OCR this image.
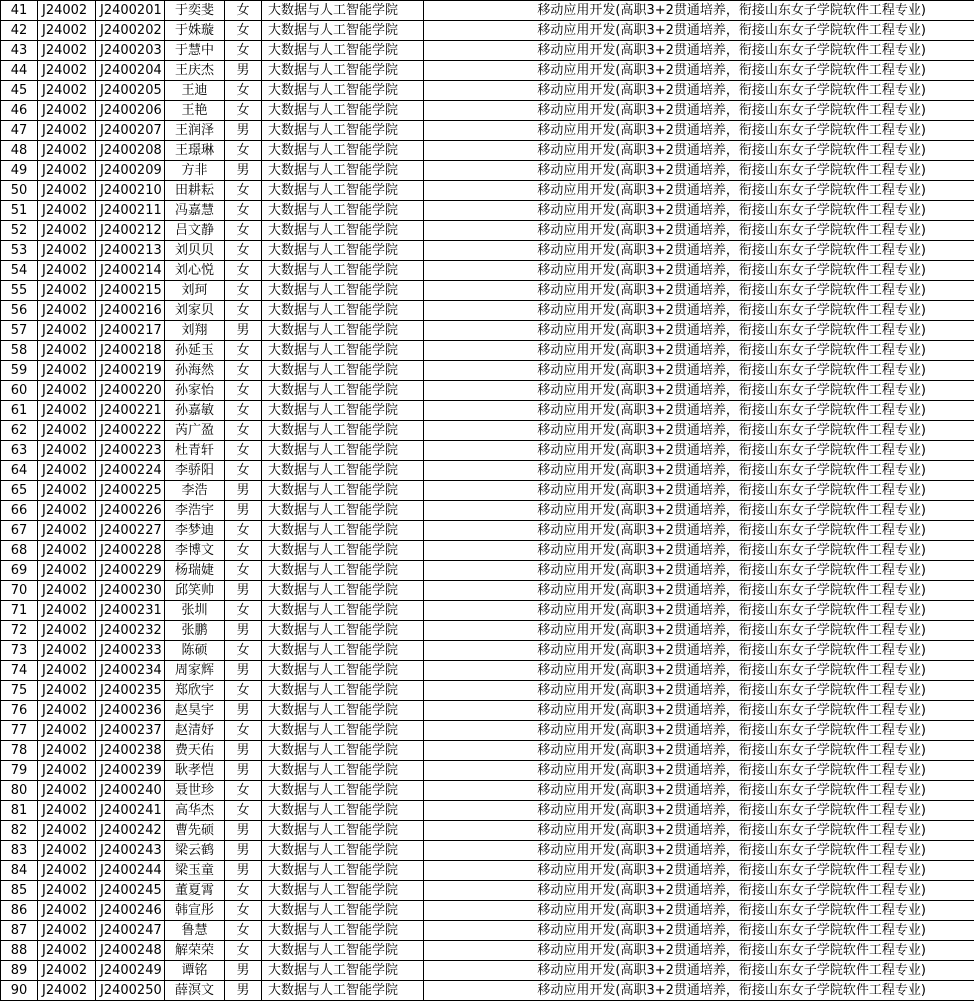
41	J24002	J2400201	于奕斐	女	大数据与人工智能学院	移动应用开发(高职3+2贯通培养，衔接山东女子学院软件工程专业)
42	J24002	J2400202	于姝璇	女	大数据与人工智能学院	移动应用开发(高职3+2贯通培养，衔接山东女子学院软件工程专业)
43	J24002	J2400203	于慧中	女	大数据与人工智能学院	移动应用开发(高职3+2贯通培养，衔接山东女子学院软件工程专业)
44	J24002	J2400204	王庆杰	男	大数据与人工智能学院	移动应用开发(高职3+2贯通培养，衔接山东女子学院软件工程专业)
45	J24002	J2400205	王迪	女	大数据与人工智能学院	移动应用开发(高职3+2贯通培养，衔接山东女子学院软件工程专业)
46	J24002	J2400206	王艳	女	大数据与人工智能学院	移动应用开发(高职3+2贯通培养，衔接山东女子学院软件工程专业)
47	J24002	J2400207	王润泽	男	大数据与人工智能学院	移动应用开发(高职3+2贯通培养，衔接山东女子学院软件工程专业)
48	J24002	J2400208	王璟琳	女	大数据与人工智能学院	移动应用开发(高职3+2贯通培养，衔接山东女子学院软件工程专业)
49	J24002	J2400209	方非	男	大数据与人工智能学院	移动应用开发(高职3+2贯通培养，衔接山东女子学院软件工程专业)
50	J24002	J2400210	田耕耘	女	大数据与人工智能学院	移动应用开发(高职3+2贯通培养，衔接山东女子学院软件工程专业)
51	J24002	J2400211	冯嘉慧	女	大数据与人工智能学院	移动应用开发(高职3+2贯通培养，衔接山东女子学院软件工程专业)
52	J24002	J2400212	吕文静	女	大数据与人工智能学院	移动应用开发(高职3+2贯通培养，衔接山东女子学院软件工程专业)
53	J24002	J2400213	刘贝贝	女	大数据与人工智能学院	移动应用开发(高职3+2贯通培养，衔接山东女子学院软件工程专业)
54	J24002	J2400214	刘心悦	女	大数据与人工智能学院	移动应用开发(高职3+2贯通培养，衔接山东女子学院软件工程专业)
55	J24002	J2400215	刘珂	女	大数据与人工智能学院	移动应用开发(高职3+2贯通培养，衔接山东女子学院软件工程专业)
56	J24002	J2400216	刘家贝	女	大数据与人工智能学院	移动应用开发(高职3+2贯通培养，衔接山东女子学院软件工程专业)
57	J24002	J2400217	刘翔	男	大数据与人工智能学院	移动应用开发(高职3+2贯通培养，衔接山东女子学院软件工程专业)
58	J24002	J2400218	孙延玉	女	大数据与人工智能学院	移动应用开发(高职3+2贯通培养，衔接山东女子学院软件工程专业)
59	J24002	J2400219	孙海然	女	大数据与人工智能学院	移动应用开发(高职3+2贯通培养，衔接山东女子学院软件工程专业)
60	J24002	J2400220	孙家怡	女	大数据与人工智能学院	移动应用开发(高职3+2贯通培养，衔接山东女子学院软件工程专业)
61	J24002	J2400221	孙嘉敏	女	大数据与人工智能学院	移动应用开发(高职3+2贯通培养，衔接山东女子学院软件工程专业)
62	J24002	J2400222	芮广盈	女	大数据与人工智能学院	移动应用开发(高职3+2贯通培养，衔接山东女子学院软件工程专业)
63	J24002	J2400223	杜青轩	女	大数据与人工智能学院	移动应用开发(高职3+2贯通培养，衔接山东女子学院软件工程专业)
64	J24002	J2400224	李骄阳	女	大数据与人工智能学院	移动应用开发(高职3+2贯通培养，衔接山东女子学院软件工程专业)
65	J24002	J2400225	李浩	男	大数据与人工智能学院	移动应用开发(高职3+2贯通培养，衔接山东女子学院软件工程专业)
66	J24002	J2400226	李浩宇	男	大数据与人工智能学院	移动应用开发(高职3+2贯通培养，衔接山东女子学院软件工程专业)
67	J24002	J2400227	李梦迪	女	大数据与人工智能学院	移动应用开发(高职3+2贯通培养，衔接山东女子学院软件工程专业)
68	J24002	J2400228	李博文	女	大数据与人工智能学院	移动应用开发(高职3+2贯通培养，衔接山东女子学院软件工程专业)
69	J24002	J2400229	杨瑞婕	女	大数据与人工智能学院	移动应用开发(高职3+2贯通培养，衔接山东女子学院软件工程专业)
70	J24002	J2400230	邱笑帅	男	大数据与人工智能学院	移动应用开发(高职3+2贯通培养，衔接山东女子学院软件工程专业)
71	J24002	J2400231	张圳	女	大数据与人工智能学院	移动应用开发(高职3+2贯通培养，衔接山东女子学院软件工程专业)
72	J24002	J2400232	张鹏	男	大数据与人工智能学院	移动应用开发(高职3+2贯通培养，衔接山东女子学院软件工程专业)
73	J24002	J2400233	陈硕	女	大数据与人工智能学院	移动应用开发(高职3+2贯通培养，衔接山东女子学院软件工程专业)
74	J24002	J2400234	周家辉	男	大数据与人工智能学院	移动应用开发(高职3+2贯通培养，衔接山东女子学院软件工程专业)
75	J24002	J2400235	郑欣宇	女	大数据与人工智能学院	移动应用开发(高职3+2贯通培养，衔接山东女子学院软件工程专业)
76	J24002	J2400236	赵昊宇	男	大数据与人工智能学院	移动应用开发(高职3+2贯通培养，衔接山东女子学院软件工程专业)
77	J24002	J2400237	赵清妤	女	大数据与人工智能学院	移动应用开发(高职3+2贯通培养，衔接山东女子学院软件工程专业)
78	J24002	J2400238	费天佑	男	大数据与人工智能学院	移动应用开发(高职3+2贯通培养，衔接山东女子学院软件工程专业)
79	J24002	J2400239	耿孝恺	男	大数据与人工智能学院	移动应用开发(高职3+2贯通培养，衔接山东女子学院软件工程专业)
80	J24002	J2400240	聂世珍	女	大数据与人工智能学院	移动应用开发(高职3+2贯通培养，衔接山东女子学院软件工程专业)
81	J24002	J2400241	高华杰	女	大数据与人工智能学院	移动应用开发(高职3+2贯通培养，衔接山东女子学院软件工程专业)
82	J24002	J2400242	曹先硕	男	大数据与人工智能学院	移动应用开发(高职3+2贯通培养，衔接山东女子学院软件工程专业)
83	J24002	J2400243	梁云鹤	男	大数据与人工智能学院	移动应用开发(高职3+2贯通培养，衔接山东女子学院软件工程专业)
84	J24002	J2400244	梁玉童	男	大数据与人工智能学院	移动应用开发(高职3+2贯通培养，衔接山东女子学院软件工程专业)
85	J24002	J2400245	董夏霄	女	大数据与人工智能学院	移动应用开发(高职3+2贯通培养，衔接山东女子学院软件工程专业)
86	J24002	J2400246	韩宣彤	女	大数据与人工智能学院	移动应用开发(高职3+2贯通培养，衔接山东女子学院软件工程专业)
87	J24002	J2400247	鲁慧	女	大数据与人工智能学院	移动应用开发(高职3+2贯通培养，衔接山东女子学院软件工程专业)
88	J24002	J2400248	解荣荣	女	大数据与人工智能学院	移动应用开发(高职3+2贯通培养，衔接山东女子学院软件工程专业)
89	J24002	J2400249	谭铭	男	大数据与人工智能学院	移动应用开发(高职3+2贯通培养，衔接山东女子学院软件工程专业)
90	J24002	J2400250	薛溟文	男	大数据与人工智能学院	移动应用开发(高职3+2贯通培养，衔接山东女子学院软件工程专业)
